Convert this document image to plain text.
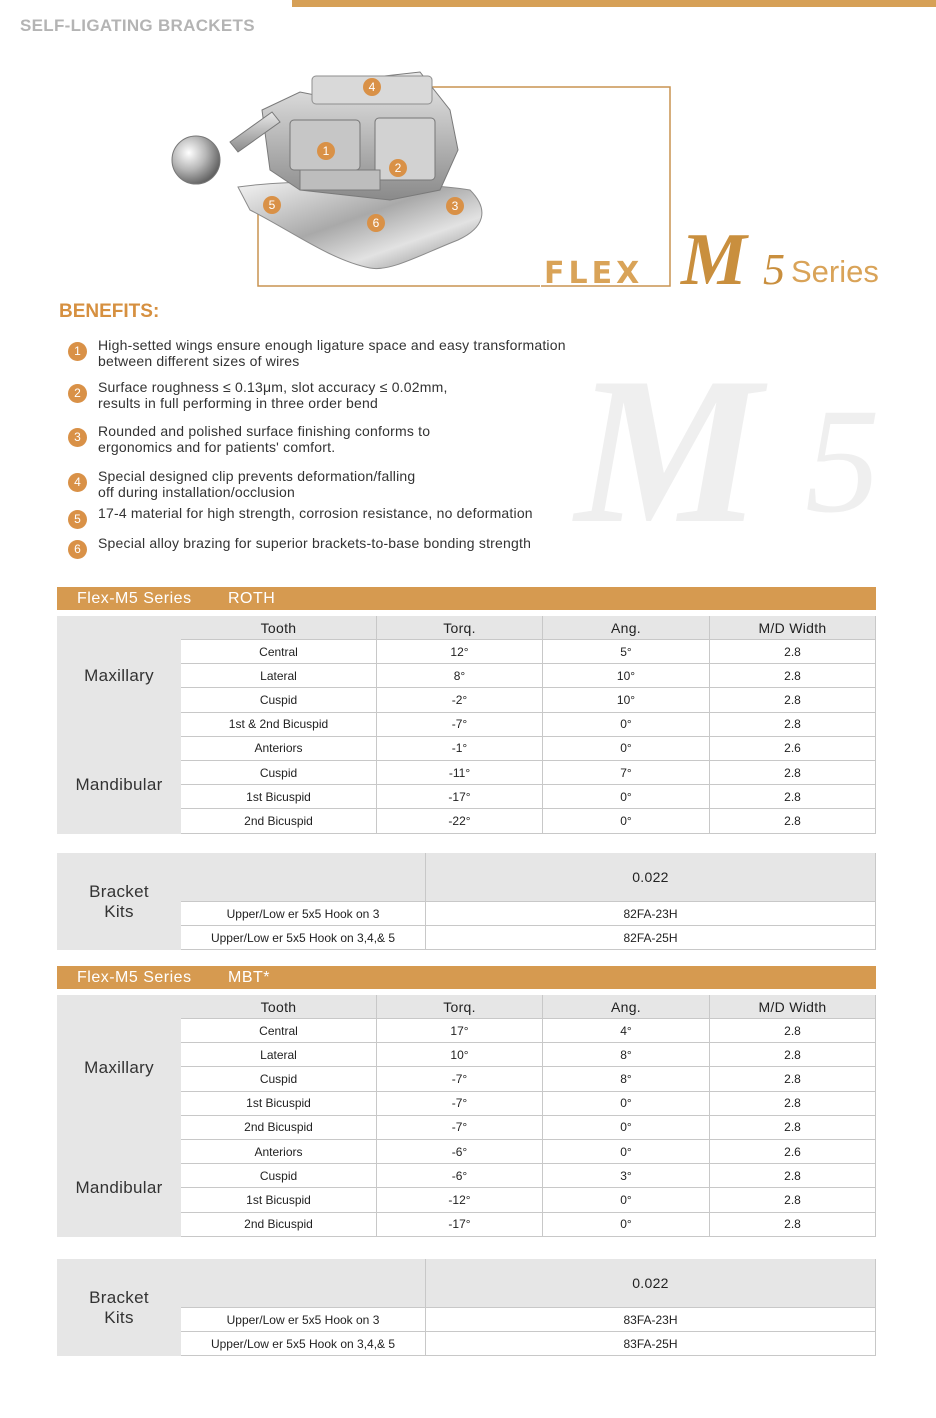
SELF-LIGATING BRACKETS
4
1
2
3
5
6
FLEX M 5 Series
M 5
BENEFITS:
1	High-setted wings ensure enough ligature space and easy transformation
between different sizes of wires
2	Surface roughness ≤ 0.13μm, slot accuracy ≤ 0.02mm,
results in full performing in three order bend
3	Rounded and polished surface finishing conforms to
ergonomics and for patients' comfort.
4	Special designed clip prevents deformation/falling
off during installation/occlusion
5	17-4 material for high strength, corrosion resistance, no deformation
6	Special alloy brazing for superior brackets-to-base bonding strength
Flex-M5 Series ROTH
Tooth	Torq.	Ang.	M/D Width
Maxillary
Central	12°	5°	2.8
Lateral	8°	10°	2.8
Cuspid	-2°	10°	2.8
1st & 2nd Bicuspid	-7°	0°	2.8
Mandibular
Anteriors	-1°	0°	2.6
Cuspid	-11°	7°	2.8
1st Bicuspid	-17°	0°	2.8
2nd Bicuspid	-22°	0°	2.8
Bracket
Kits
0.022
Upper/Low er 5x5 Hook on 3	82FA-23H
Upper/Low er 5x5 Hook on 3,4,& 5	82FA-25H
Flex-M5 Series MBT*
Tooth	Torq.	Ang.	M/D Width
Maxillary
Central	17°	4°	2.8
Lateral	10°	8°	2.8
Cuspid	-7°	8°	2.8
1st Bicuspid	-7°	0°	2.8
2nd Bicuspid	-7°	0°	2.8
Mandibular
Anteriors	-6°	0°	2.6
Cuspid	-6°	3°	2.8
1st Bicuspid	-12°	0°	2.8
2nd Bicuspid	-17°	0°	2.8
Bracket
Kits
0.022
Upper/Low er 5x5 Hook on 3	83FA-23H
Upper/Low er 5x5 Hook on 3,4,& 5	83FA-25H
